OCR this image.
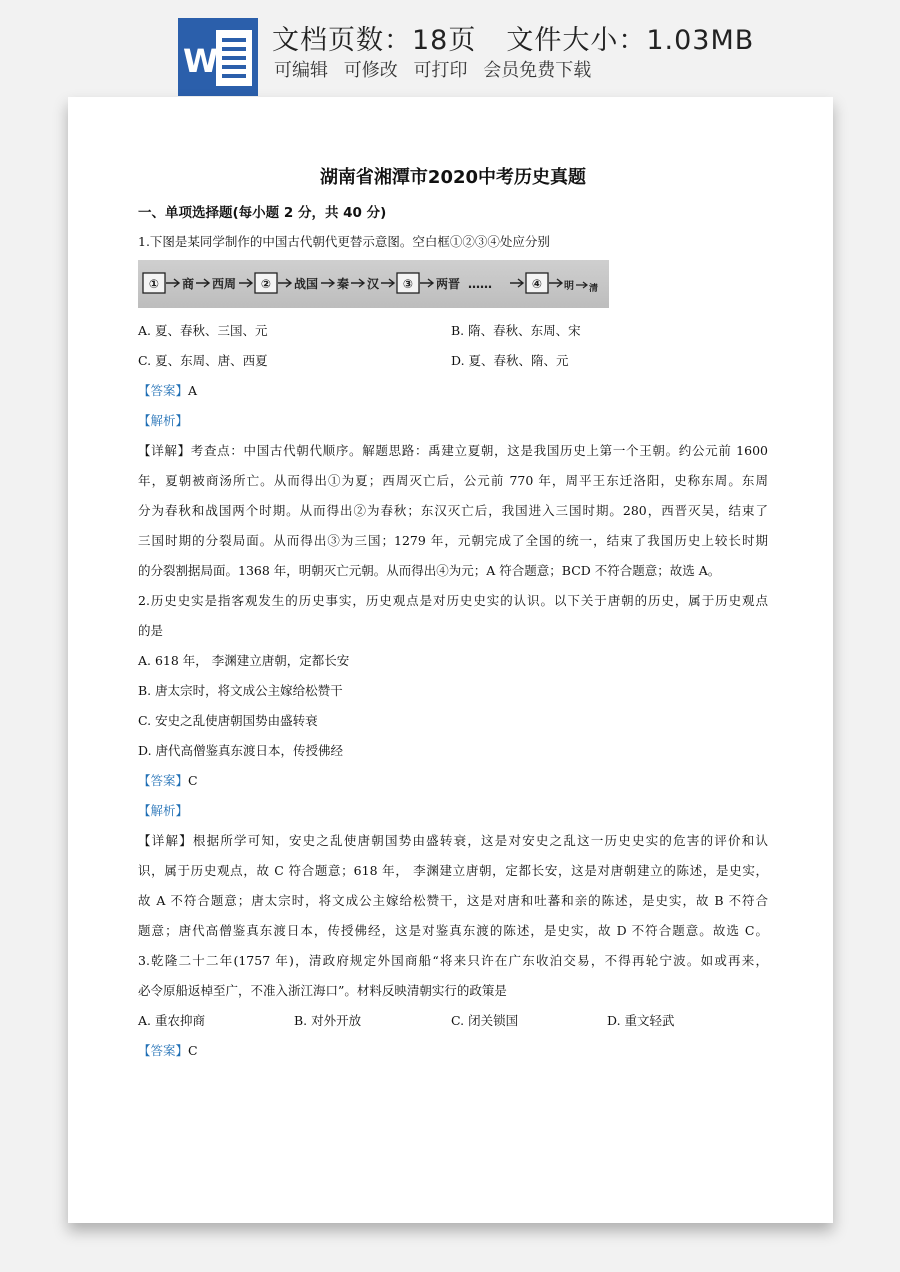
W
文档页数：18页 文件大小：1.03MB
可编辑 可修改 可打印 会员免费下载
湖南省湘潭市2020中考历史真题
一、单项选择题(每小题 2 分，共 40 分)
1.下图是某同学制作的中国古代朝代更替示意图。空白框①②③④处应分别
① 商 西周 ② 战国 秦 汉 ③ 两晋 ……	④ 明 清
A. 夏、春秋、三国、元	B. 隋、春秋、东周、宋
C. 夏、东周、唐、西夏	D. 夏、春秋、隋、元
【答案】A
【解析】
【详解】考查点：中国古代朝代顺序。解题思路：禹建立夏朝，这是我国历史上第一个王朝。约公元前 1600
年，夏朝被商汤所亡。从而得出①为夏；西周灭亡后，公元前 770 年，周平王东迁洛阳，史称东周。东周
分为春秋和战国两个时期。从而得出②为春秋；东汉灭亡后，我国进入三国时期。280，西晋灭吴，结束了
三国时期的分裂局面。从而得出③为三国；1279 年，元朝完成了全国的统一，结束了我国历史上较长时期
的分裂割据局面。1368 年，明朝灭亡元朝。从而得出④为元；A 符合题意；BCD 不符合题意；故选 A。
2.历史史实是指客观发生的历史事实，历史观点是对历史史实的认识。以下关于唐朝的历史，属于历史观点
的是
A. 618 年， 李渊建立唐朝，定都长安
B. 唐太宗时，将文成公主嫁给松赞干
C. 安史之乱使唐朝国势由盛转衰
D. 唐代高僧鉴真东渡日本，传授佛经
【答案】C
【解析】
【详解】根据所学可知，安史之乱使唐朝国势由盛转衰，这是对安史之乱这一历史史实的危害的评价和认
识，属于历史观点，故 C 符合题意；618 年， 李渊建立唐朝，定都长安，这是对唐朝建立的陈述，是史实，
故 A 不符合题意；唐太宗时，将文成公主嫁给松赞干，这是对唐和吐蕃和亲的陈述，是史实，故 B 不符合
题意；唐代高僧鉴真东渡日本，传授佛经，这是对鉴真东渡的陈述，是史实，故 D 不符合题意。故选 C。
3.乾隆二十二年(1757 年)，清政府规定外国商船“将来只许在广东收泊交易，不得再轮宁波。如或再来，
必令原船返棹至广，不准入浙江海口”。材料反映清朝实行的政策是
A. 重农抑商	B. 对外开放	C. 闭关锁国	D. 重文轻武
【答案】C
